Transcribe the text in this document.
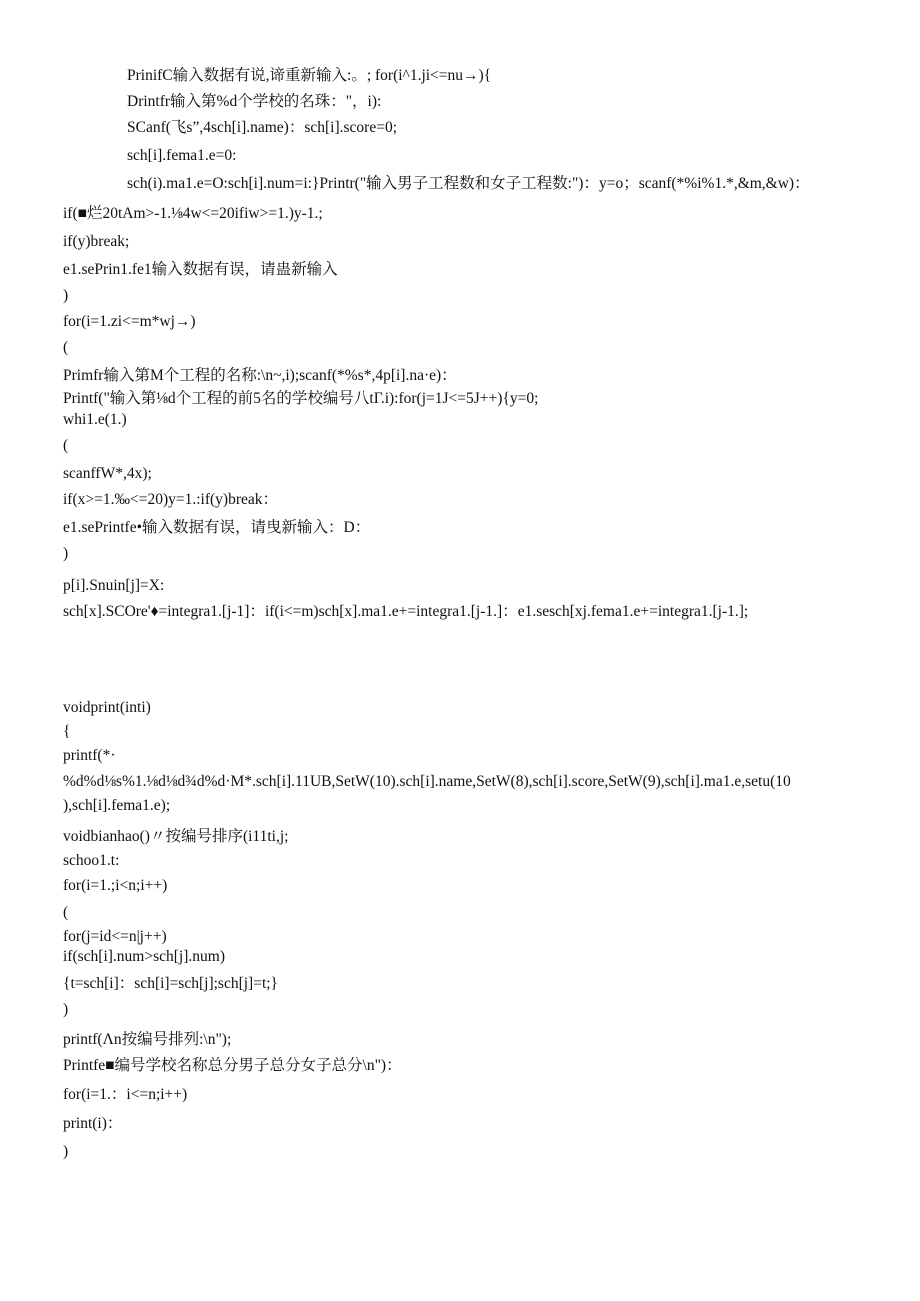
PrinifC输入数据有说,谛重新输入:。; for(i^1.ji<=nu→){
Drintfr输入第%d个学校的名珠："，i):
SCanf(飞s”,4sch[i].name)：sch[i].score=0;
sch[i].fema1.e=0:
sch(i).ma1.e=O:sch[i].num=i:}Printr("输入男子工程数和女子工程数:")：y=o；scanf(*%i%1.*,&m,&w)：
if(■烂20tAm>-1.⅛4w<=20ifiw>=1.)y-1.;
if(y)break;
e1.sePrin1.fe1输入数据有误，请蛊新输入
)
for(i=1.zi<=m*wj→)
(
Primfr输入第M个工程的名称:\n~,i);scanf(*%s*,4p[i].na·e)：
Printf("输入第⅛d个工程的前5名的学校编号八tΓ.i):for(j=1J<=5J++){y=0;
whi1.e(1.)
(
scanffW*,4x);
if(x>=1.‰<=20)y=1.:if(y)break：
e1.sePrintfe•输入数据有误，请曳新输入：D：
)
p[i].Snuin[j]=X:
sch[x].SCOre'♦=integra1.[j-1]：if(i<=m)sch[x].ma1.e+=integra1.[j-1.]：e1.sesch[xj.fema1.e+=integra1.[j-1.];
voidprint(inti)
{
printf(*·
%d%d⅛s%1.⅛d⅛d¾d%d·M*.sch[i].11UB,SetW(10).sch[i].name,SetW(8),sch[i].score,SetW(9),sch[i].ma1.e,setu(10
),sch[i].fema1.e);
voidbianhao()〃按编号排序(i11ti,j;
schoo1.t:
for(i=1.;i<n;i++)
(
for(j=id<=n|j++)
if(sch[i].num>sch[j].num)
{t=sch[i]：sch[i]=sch[j];sch[j]=t;}
)
printf(Λn按编号排列:\n");
Printfe■编号学校名称总分男子总分女子总分\n")：
for(i=1.：i<=n;i++)
print(i)：
)
